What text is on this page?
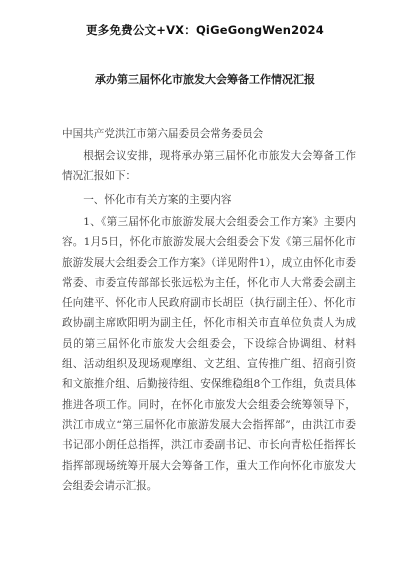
更多免费公文+VX：QiGeGongWen2024
承办第三届怀化市旅发大会筹备工作情况汇报
中国共产党洪江市第六届委员会常务委员会
根据会议安排，现将承办第三届怀化市旅发大会筹备工作情况汇报如下：
一、怀化市有关方案的主要内容
1、《第三届怀化市旅游发展大会组委会工作方案》主要内容。1月5日，怀化市旅游发展大会组委会下发《第三届怀化市旅游发展大会组委会工作方案》（详见附件1），成立由怀化市委常委、市委宣传部部长张远松为主任，怀化市人大常委会副主任向建平、怀化市人民政府副市长胡臣（执行副主任）、怀化市政协副主席欧阳明为副主任，怀化市相关市直单位负责人为成员的第三届怀化市旅发大会组委会，下设综合协调组、材料组、活动组织及现场观摩组、文艺组、宣传推广组、招商引资和文旅推介组、后勤接待组、安保维稳组8个工作组，负责具体推进各项工作。同时，在怀化市旅发大会组委会统筹领导下，洪江市成立“第三届怀化市旅游发展大会指挥部”，由洪江市委书记邵小朗任总指挥，洪江市委副书记、市长向青松任指挥长指挥部现场统筹开展大会筹备工作，重大工作向怀化市旅发大会组委会请示汇报。
